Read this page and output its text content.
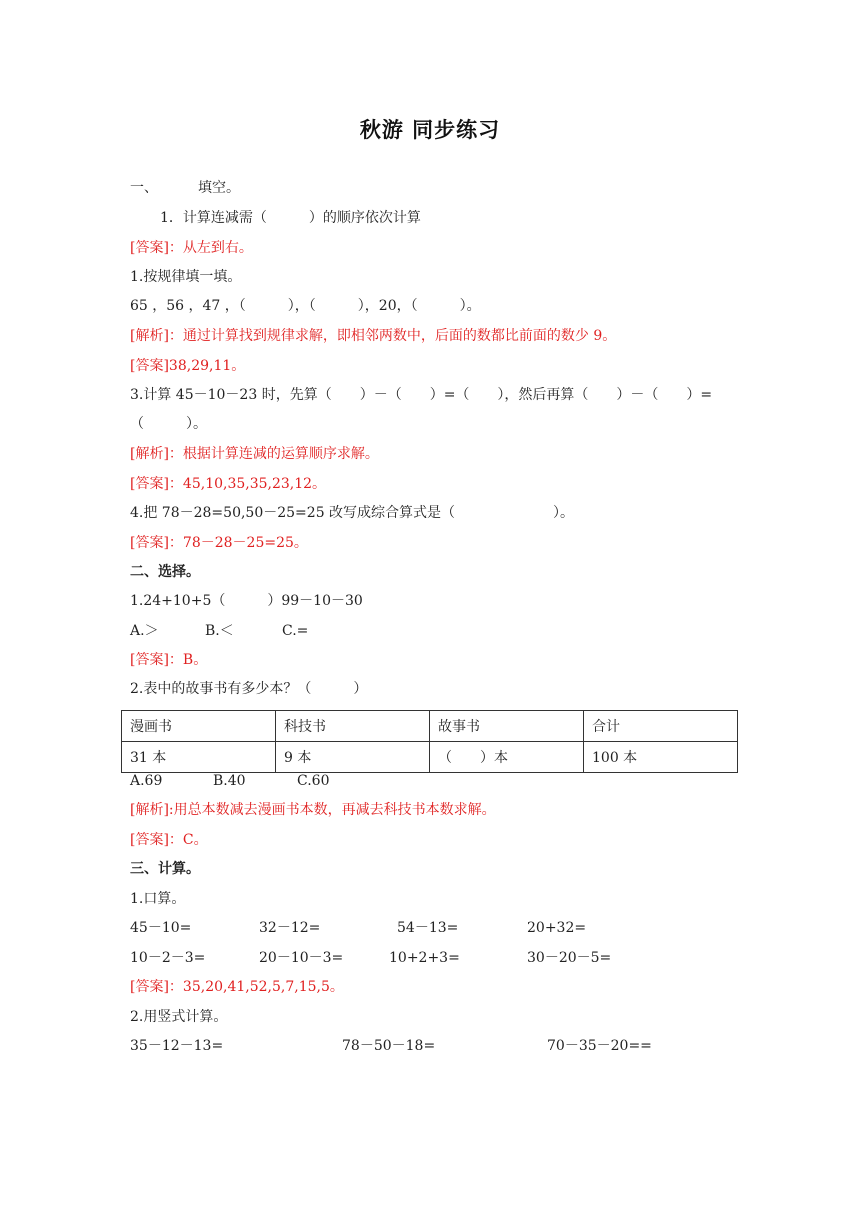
秋游 同步练习
一、	填空。
1．计算连减需（　　　）的顺序依次计算
[答案]：从左到右。
1.按规律填一填。
65 ，56 ，47 ，（　　　），（　　　），20，（　　　）。
[解析]：通过计算找到规律求解，即相邻两数中，后面的数都比前面的数少 9。
[答案]38,29,11。
3.计算 45－10－23 时，先算（　　）－（　　）=（　　），然后再算（　　）－（　　）=
（　　　）。
[解析]：根据计算连减的运算顺序求解。
[答案]：45,10,35,35,23,12。
4.把 78－28=50,50－25=25 改写成综合算式是（　　　　　　　）。
[答案]：78－28－25=25。
二、选择。
1.24+10+5（　　　）99－10－30
A.＞	B.＜	C.=
[答案]：B。
2.表中的故事书有多少本？（　　　）
漫画书	科技书	故事书	合计
31 本	9 本	（　　）本	100 本
A.69	B.40	C.60
[解析]:用总本数减去漫画书本数，再减去科技书本数求解。
[答案]：C。
三、计算。
1.口算。
45－10=	32－12=	54－13=	20+32=
10－2－3=	20－10－3=	10+2+3=	30－20－5=
[答案]：35,20,41,52,5,7,15,5。
2.用竖式计算。
35－12－13=	78－50－18=	70－35－20==
